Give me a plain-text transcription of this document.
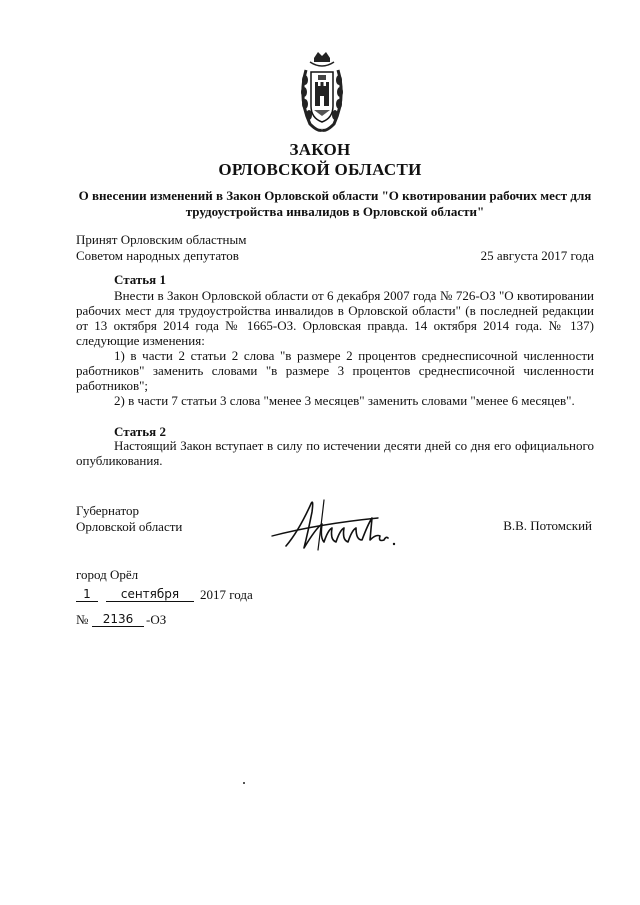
ЗАКОН
ОРЛОВСКОЙ ОБЛАСТИ
О внесении изменений в Закон Орловской области "О квотировании рабочих мест для трудоустройства инвалидов в Орловской области"
Принят Орловским областным
Советом народных депутатов	25 августа 2017 года
Статья 1

Внести в Закон Орловской области от 6 декабря 2007 года № 726-ОЗ "О квотировании рабочих мест для трудоустройства инвалидов в Орловской области" (в последней редакции от 13 октября 2014 года № 1665-ОЗ. Орловская правда. 14 октября 2014 года. № 137) следующие изменения:

1) в части 2 статьи 2 слова "в размере 2 процентов среднесписочной численности работников" заменить словами "в размере 3 процентов среднесписочной численности работников";

2) в части 7 статьи 3 слова "менее 3 месяцев" заменить словами "менее 6 месяцев".

Статья 2

Настоящий Закон вступает в силу по истечении десяти дней со дня его официального опубликования.

Губернатор
Орловской области	В.В. Потомский
город Орёл
1	сентября	2017 года
№	2136 -ОЗ
